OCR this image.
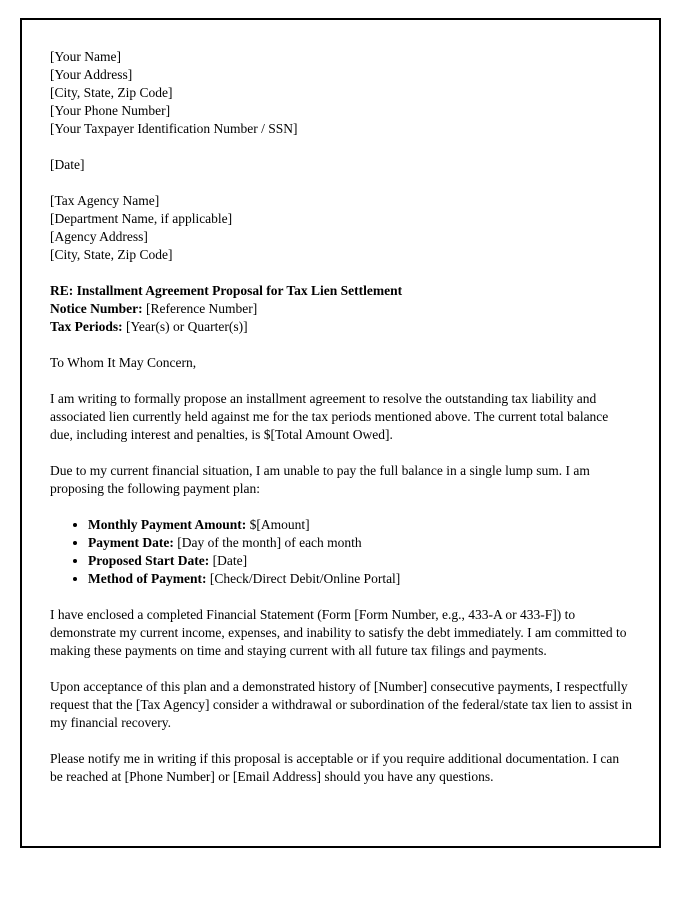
[Your Name]
[Your Address]
[City, State, Zip Code]
[Your Phone Number]
[Your Taxpayer Identification Number / SSN]
[Date]
[Tax Agency Name]
[Department Name, if applicable]
[Agency Address]
[City, State, Zip Code]
RE: Installment Agreement Proposal for Tax Lien Settlement
Notice Number: [Reference Number]
Tax Periods: [Year(s) or Quarter(s)]

To Whom It May Concern,

I am writing to formally propose an installment agreement to resolve the outstanding tax liability and associated lien currently held against me for the tax periods mentioned above. The current total balance due, including interest and penalties, is $[Total Amount Owed].

Due to my current financial situation, I am unable to pay the full balance in a single lump sum. I am proposing the following payment plan:

• Monthly Payment Amount: $[Amount]
• Payment Date: [Day of the month] of each month
• Proposed Start Date: [Date]
• Method of Payment: [Check/Direct Debit/Online Portal]

I have enclosed a completed Financial Statement (Form [Form Number, e.g., 433-A or 433-F]) to demonstrate my current income, expenses, and inability to satisfy the debt immediately. I am committed to making these payments on time and staying current with all future tax filings and payments.

Upon acceptance of this plan and a demonstrated history of [Number] consecutive payments, I respectfully request that the [Tax Agency] consider a withdrawal or subordination of the federal/state tax lien to assist in my financial recovery.

Please notify me in writing if this proposal is acceptable or if you require additional documentation. I can be reached at [Phone Number] or [Email Address] should you have any questions.
